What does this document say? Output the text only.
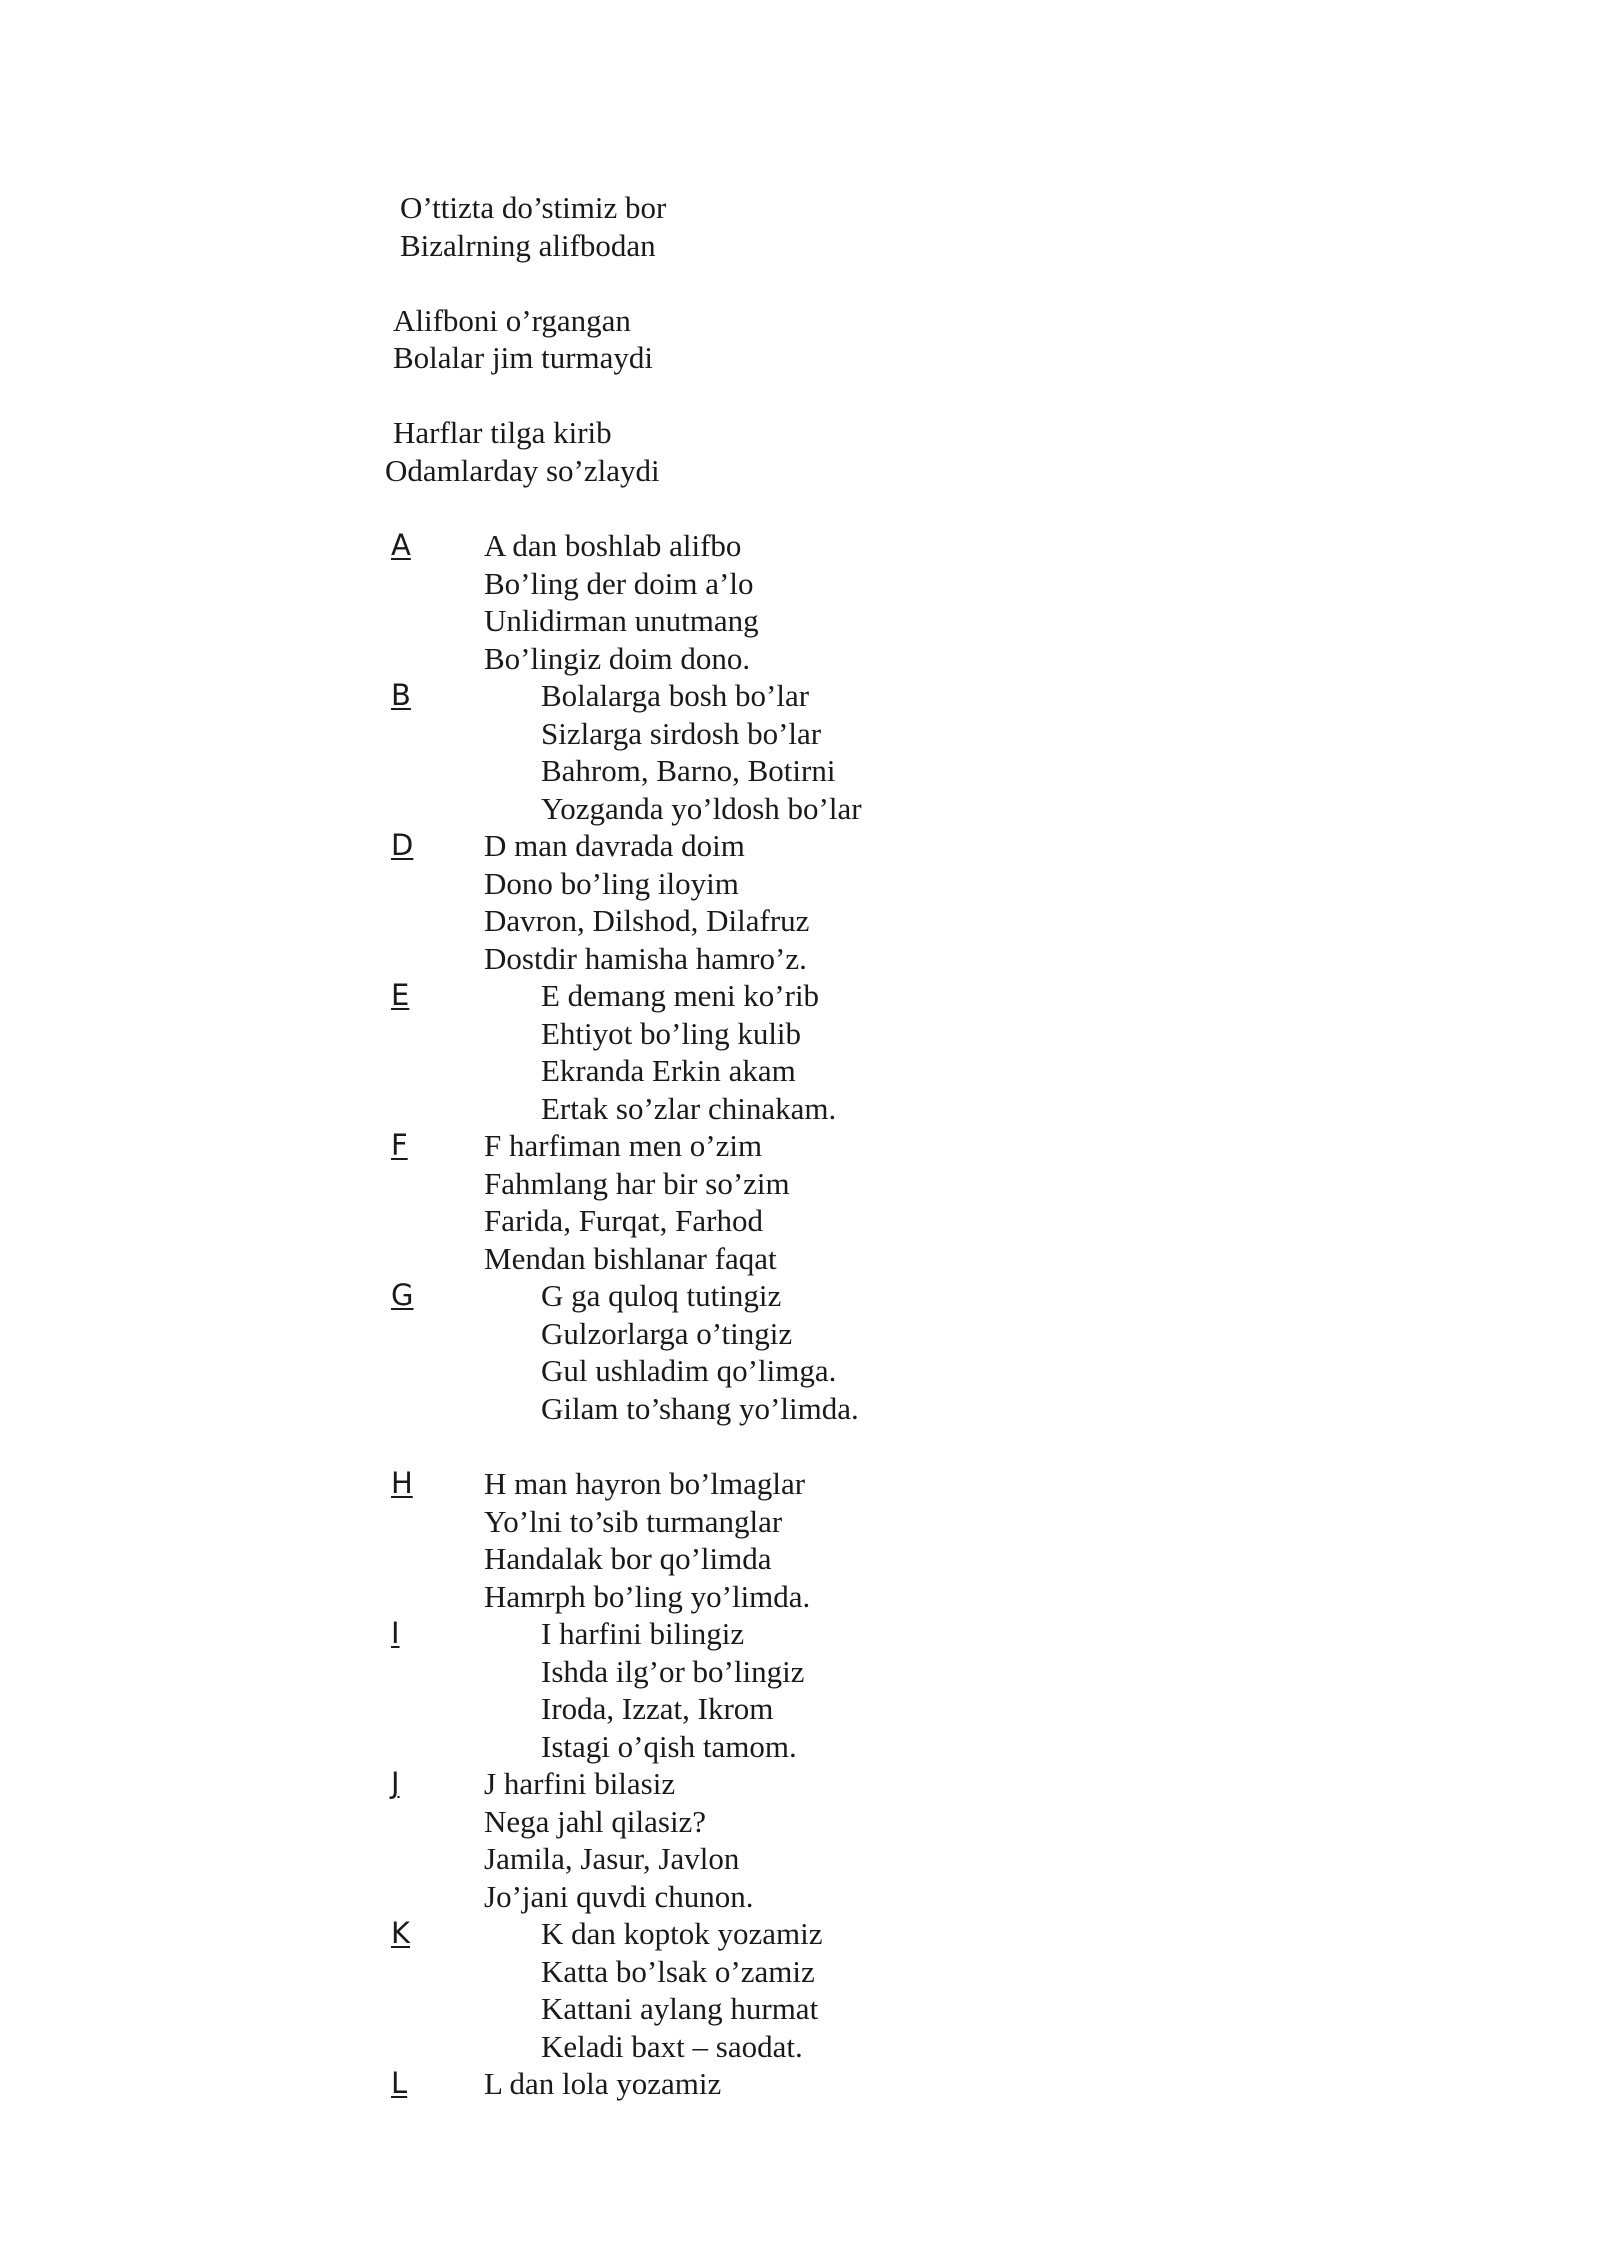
O’ttizta do’stimiz bor
Bizalrning alifbodan
Alifboni o’rgangan
Bolalar jim turmaydi
Harflar tilga kirib
Odamlarday so’zlaydi
A A dan boshlab alifbo
Bo’ling der doim a’lo
Unlidirman unutmang
Bo’lingiz doim dono.
B	Bolalarga bosh bo’lar
Sizlarga sirdosh bo’lar
Bahrom, Barno, Botirni
Yozganda yo’ldosh bo’lar
D D man davrada doim
Dono bo’ling iloyim
Davron, Dilshod, Dilafruz
Dostdir hamisha hamro’z.
E	E demang meni ko’rib
Ehtiyot bo’ling kulib
Ekranda Erkin akam
Ertak so’zlar chinakam.
F F harfiman men o’zim
Fahmlang har bir so’zim
Farida, Furqat, Farhod
Mendan bishlanar faqat
G	G ga quloq tutingiz
Gulzorlarga o’tingiz
Gul ushladim qo’limga.
Gilam to’shang yo’limda.
H H man hayron bo’lmaglar
Yo’lni to’sib turmanglar
Handalak bor qo’limda
Hamrph bo’ling yo’limda.
I	I harfini bilingiz
Ishda ilg’or bo’lingiz
Iroda, Izzat, Ikrom
Istagi o’qish tamom.
J	J harfini bilasiz
Nega jahl qilasiz?
Jamila, Jasur, Javlon
Jo’jani quvdi chunon.
K	K dan koptok yozamiz
Katta bo’lsak o’zamiz
Kattani aylang hurmat
Keladi baxt – saodat.
L L dan lola yozamiz
